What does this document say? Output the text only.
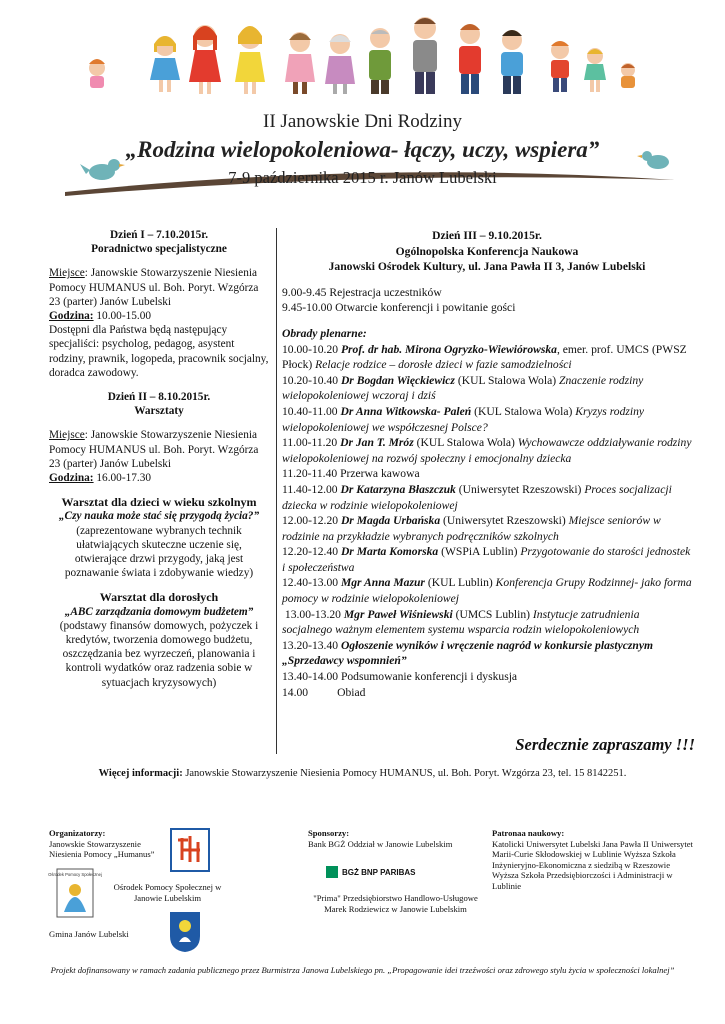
II Janowskie Dni Rodziny
„Rodzina wielopokoleniowa- łączy, uczy, wspiera”
7-9 października 2015 r. Janów Lubelski
Dzień I – 7.10.2015r.
Poradnictwo specjalistyczne
Miejsce: Janowskie Stowarzyszenie Niesienia Pomocy HUMANUS ul. Boh. Poryt. Wzgórza 23 (parter) Janów Lubelski
Godzina: 10.00-15.00
Dostępni dla Państwa będą następujący specjaliści: psycholog, pedagog, asystent rodziny, prawnik, logopeda, pracownik socjalny, doradca zawodowy.
Dzień II – 8.10.2015r.
Warsztaty
Miejsce: Janowskie Stowarzyszenie Niesienia Pomocy HUMANUS ul. Boh. Poryt. Wzgórza 23 (parter) Janów Lubelski
Godzina: 16.00-17.30
Warsztat dla dzieci w wieku szkolnym
„Czy nauka może stać się przygodą życia?”
(zaprezentowane wybranych technik ułatwiających skuteczne uczenie się, otwierające drzwi przygody, jaką jest poznawanie świata i zdobywanie wiedzy)
Warsztat dla dorosłych
„ABC zarządzania domowym budżetem”
(podstawy finansów domowych, pożyczek i kredytów, tworzenia domowego budżetu, oszczędzania bez wyrzeczeń, planowania i kontroli wydatków oraz radzenia sobie w sytuacjach kryzysowych)
Dzień III – 9.10.2015r.
Ogólnopolska Konferencja Naukowa
Janowski Ośrodek Kultury, ul. Jana Pawła II 3, Janów Lubelski
9.00-9.45 Rejestracja uczestników
9.45-10.00 Otwarcie konferencji i powitanie gości
Obrady plenarne:
10.00-10.20 Prof. dr hab. Mirona Ogryzko-Wiewiórowska, emer. prof. UMCS (PWSZ Płock) Relacje rodzice – dorosłe dzieci w fazie samodzielności
10.20-10.40 Dr Bogdan Więckiewicz (KUL Stalowa Wola) Znaczenie rodziny wielopokoleniowej wczoraj i dziś
10.40-11.00 Dr Anna Witkowska- Paleń (KUL Stalowa Wola) Kryzys rodziny wielopokoleniowej we współczesnej Polsce?
11.00-11.20 Dr Jan T. Mróz (KUL Stalowa Wola) Wychowawcze oddziaływanie rodziny wielopokoleniowej na rozwój społeczny i emocjonalny dziecka
11.20-11.40 Przerwa kawowa
11.40-12.00 Dr Katarzyna Błaszczuk (Uniwersytet Rzeszowski) Proces socjalizacji dziecka w rodzinie wielopokoleniowej
12.00-12.20 Dr Magda Urbańska (Uniwersytet Rzeszowski) Miejsce seniorów w rodzinie na przykładzie wybranych podręczników szkolnych
12.20-12.40 Dr Marta Komorska (WSPiA Lublin) Przygotowanie do starości jednostek i społeczeństwa
12.40-13.00 Mgr Anna Mazur (KUL Lublin) Konferencja Grupy Rodzinnej- jako forma pomocy w rodzinie wielopokoleniowej
13.00-13.20 Mgr Paweł Wiśniewski (UMCS Lublin) Instytucje zatrudnienia socjalnego ważnym elementem systemu wsparcia rodzin wielopokoleniowych
13.20-13.40 Ogłoszenie wyników i wręczenie nagród w konkursie plastycznym „Sprzedawcy wspomnień”
13.40-14.00 Podsumowanie konferencji i dyskusja
14.00          Obiad
Serdecznie zapraszamy !!!
Więcej informacji: Janowskie Stowarzyszenie Niesienia Pomocy HUMANUS, ul. Boh. Poryt. Wzgórza 23, tel. 15 8142251.
Organizatorzy:
Janowskie Stowarzyszenie Niesienia Pomocy „Humanus”
Ośrodek Pomocy Społecznej
Ośrodek Pomocy Społecznej w Janowie Lubelskim
Gmina Janów Lubelski
Sponsorzy:
Bank BGŻ Oddział w Janowie Lubelskim
BGŻ BNP PARIBAS
"Prima" Przedsiębiorstwo Handlowo-Usługowe Marek Rodziewicz w Janowie Lubelskim
Patronaa naukowy:
Katolicki Uniwersytet Lubelski Jana Pawła II Uniwersytet Marii-Curie Skłodowskiej w Lublinie Wyższa Szkoła Inżynieryjno-Ekonomiczna z siedzibą w Rzeszowie Wyższa Szkoła Przedsiębiorczości i Administracji w Lublinie
Projekt dofinansowany w ramach zadania publicznego przez Burmistrza Janowa Lubelskiego pn. „Propagowanie idei trzeźwości oraz zdrowego stylu życia w społeczności lokalnej”
